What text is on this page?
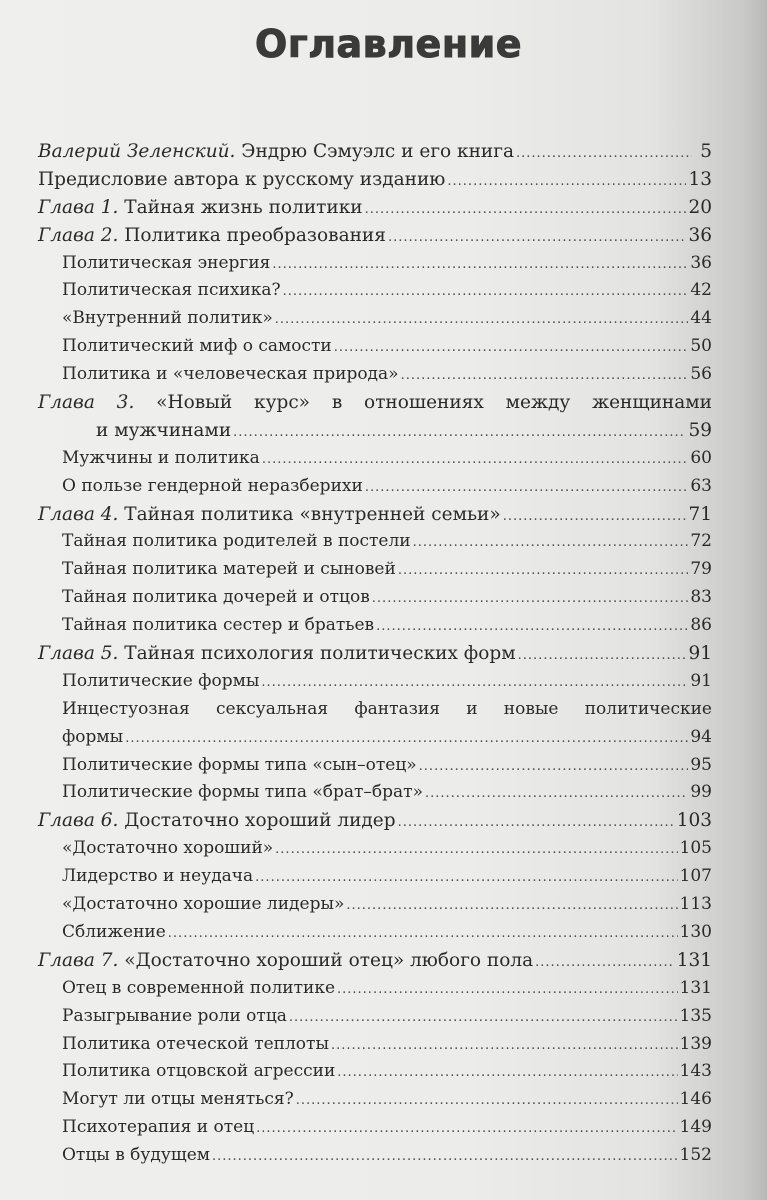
Оглавление
Валерий Зеленский. Эндрю Сэмуэлс и его книга .....	5
Предисловие автора к русскому изданию .....	13
Глава 1. Тайная жизнь политики .....	20
Глава 2. Политика преобразования .....	36
Политическая энергия .....	36
Политическая психика? .....	42
«Внутренний политик» .....	44
Политический миф о самости .....	50
Политика и «человеческая природа» .....	56
Глава 3. «Новый курс» в отношениях между женщинами
и мужчинами .....	59
Мужчины и политика .....	60
О пользе гендерной неразберихи .....	63
Глава 4. Тайная политика «внутренней семьи» .....	71
Тайная политика родителей в постели .....	72
Тайная политика матерей и сыновей .....	79
Тайная политика дочерей и отцов .....	83
Тайная политика сестер и братьев .....	86
Глава 5. Тайная психология политических форм .....	91
Политические формы .....	91
Инцестуозная сексуальная фантазия и новые политические
формы .....	94
Политические формы типа «сын–отец» .....	95
Политические формы типа «брат–брат» .....	99
Глава 6. Достаточно хороший лидер .....	103
«Достаточно хороший» .....	105
Лидерство и неудача .....	107
«Достаточно хорошие лидеры» .....	113
Сближение .....	130
Глава 7. «Достаточно хороший отец» любого пола .....	131
Отец в современной политике .....	131
Разыгрывание роли отца .....	135
Политика отеческой теплоты .....	139
Политика отцовской агрессии .....	143
Могут ли отцы меняться? .....	146
Психотерапия и отец .....	149
Отцы в будущем .....	152
